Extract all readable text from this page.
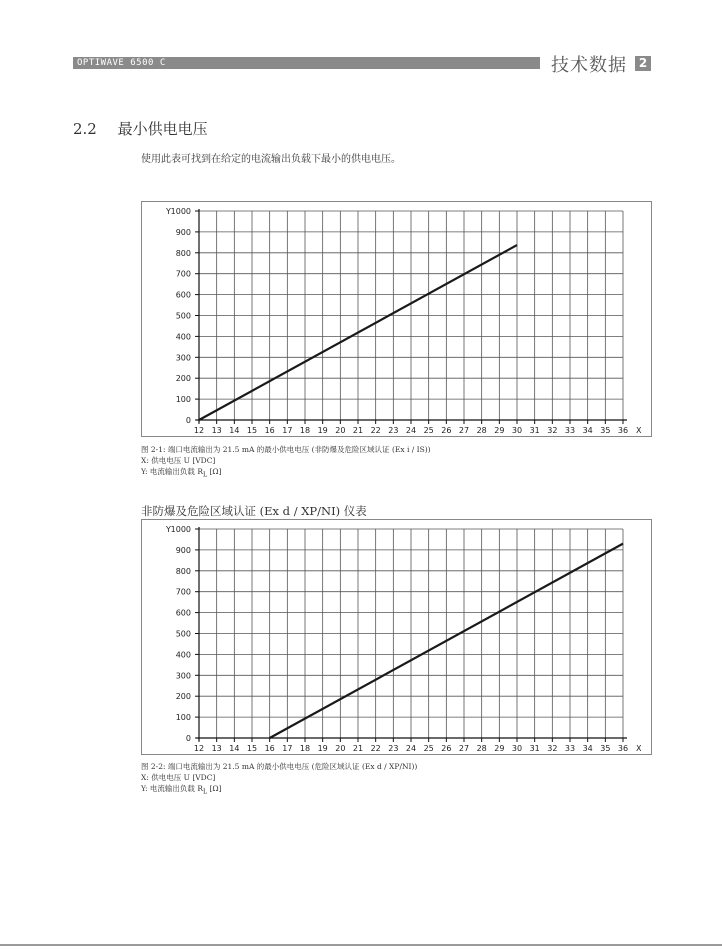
OPTIWAVE 6500 C	技术数据 2
2.2 最小供电电压
使用此表可找到在给定的电流输出负载下最小的供电电压。
12 13 14 15 16 17 18 19 20 21 22 23 24 25 26 27 28 29 30 31 32 33 34 35 36
0
100
200
300
400
500
600
700
800
900
1000
Y
X
图 2-1: 端口电流输出为 21.5 mA 的最小供电电压 (非防爆及危险区域认证 (Ex i / IS))
X: 供电电压 U [VDC]
Y: 电流输出负载 $R_L$ [Ω]
非防爆及危险区域认证 (Ex d / XP/NI) 仪表
12 13 14 15 16 17 18 19 20 21 22 23 24 25 26 27 28 29 30 31 32 33 34 35 36
0
100
200
300
400
500
600
700
800
900
1000
Y
X
图 2-2: 端口电流输出为 21.5 mA 的最小供电电压 (危险区域认证 (Ex d / XP/NI))
X: 供电电压 U [VDC]
Y: 电流输出负载 $R_L$ [Ω]
